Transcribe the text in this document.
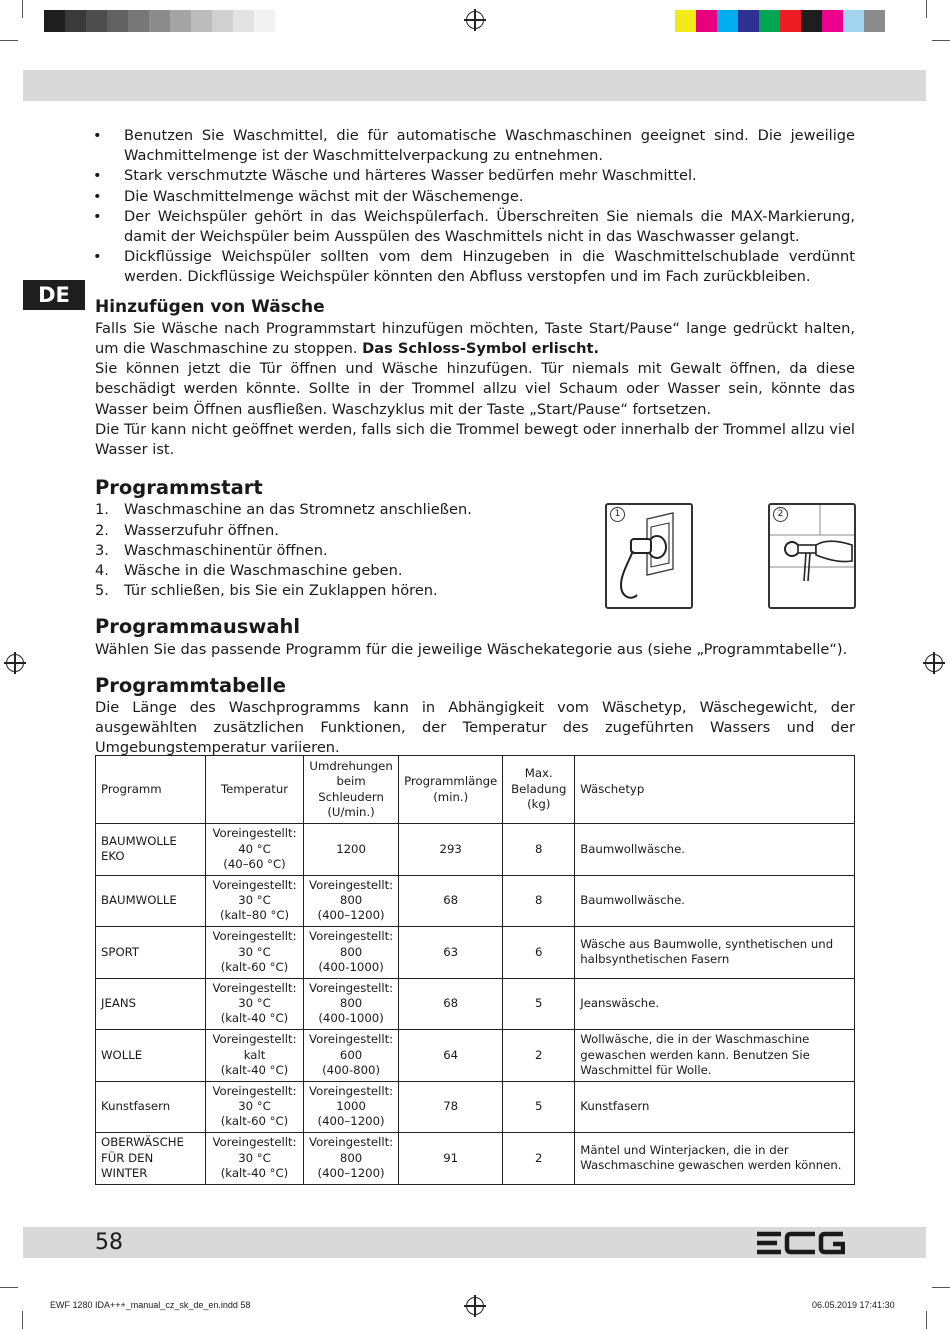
DE
• Benutzen Sie Waschmittel, die für automatische Waschmaschinen geeignet sind. Die jeweilige Wachmittelmenge ist der Waschmittelverpackung zu entnehmen.
• Stark verschmutzte Wäsche und härteres Wasser bedürfen mehr Waschmittel.
• Die Waschmittelmenge wächst mit der Wäschemenge.
• Der Weichspüler gehört in das Weichspülerfach. Überschreiten Sie niemals die MAX-Markierung, damit der Weichspüler beim Ausspülen des Waschmittels nicht in das Waschwasser gelangt.
• Dickflüssige Weichspüler sollten vom dem Hinzugeben in die Waschmittelschublade verdünnt werden. Dickflüssige Weichspüler könnten den Abfluss verstopfen und im Fach zurückbleiben.
Hinzufügen von Wäsche

Falls Sie Wäsche nach Programmstart hinzufügen möchten, Taste Start/Pause“ lange gedrückt halten, um die Waschmaschine zu stoppen. Das Schloss-Symbol erlischt.

Sie können jetzt die Tür öffnen und Wäsche hinzufügen. Tür niemals mit Gewalt öffnen, da diese beschädigt werden könnte. Sollte in der Trommel allzu viel Schaum oder Wasser sein, könnte das Wasser beim Öffnen ausfließen. Waschzyklus mit der Taste „Start/Pause“ fortsetzen.

Die Tür kann nicht geöffnet werden, falls sich die Trommel bewegt oder innerhalb der Trommel allzu viel Wasser ist.

Programmstart
1. Waschmaschine an das Stromnetz anschließen.
2. Wasserzufuhr öffnen.
3. Waschmaschinentür öffnen.
4. Wäsche in die Waschmaschine geben.
5. Tür schließen, bis Sie ein Zuklappen hören.
Programmauswahl

Wählen Sie das passende Programm für die jeweilige Wäschekategorie aus (siehe „Programmtabelle“).

Programmtabelle

Die Länge des Waschprogramms kann in Abhängigkeit vom Wäschetyp, Wäschegewicht, der ausgewählten zusätzlichen Funktionen, der Temperatur des zugeführten Wassers und der Umgebungstemperatur variieren.

1	2
Programm	Temperatur	Umdrehungen
beim
Schleudern
(U/min.)	Programmlänge
(min.)	Max.
Beladung
(kg)	Wäschetyp
BAUMWOLLE EKO	Voreingestellt:
40 °C
(40–60 °C)	1200	293	8	Baumwollwäsche.
BAUMWOLLE	Voreingestellt:
30 °C
(kalt–80 °C)	Voreingestellt:
800
(400–1200)	68	8	Baumwollwäsche.
SPORT	Voreingestellt:
30 °C
(kalt-60 °C)	Voreingestellt:
800
(400-1000)	63	6	Wäsche aus Baumwolle, synthetischen und halbsynthetischen Fasern
JEANS	Voreingestellt:
30 °C
(kalt-40 °C)	Voreingestellt:
800
(400-1000)	68	5	Jeanswäsche.
WOLLE	Voreingestellt:
kalt
(kalt-40 °C)	Voreingestellt:
600
(400-800)	64	2	Wollwäsche, die in der Waschmaschine gewaschen werden kann. Benutzen Sie Waschmittel für Wolle.
Kunstfasern	Voreingestellt:
30 °C
(kalt-60 °C)	Voreingestellt:
1000
(400–1200)	78	5	Kunstfasern
OBERWÄSCHE
FÜR DEN WINTER	Voreingestellt:
30 °C
(kalt-40 °C)	Voreingestellt:
800
(400–1200)	91	2	Mäntel und Winterjacken, die in der Waschmaschine gewaschen werden können.
58
EWF 1280 IDA+++_manual_cz_sk_de_en.indd 58	06.05.2019 17:41:30
